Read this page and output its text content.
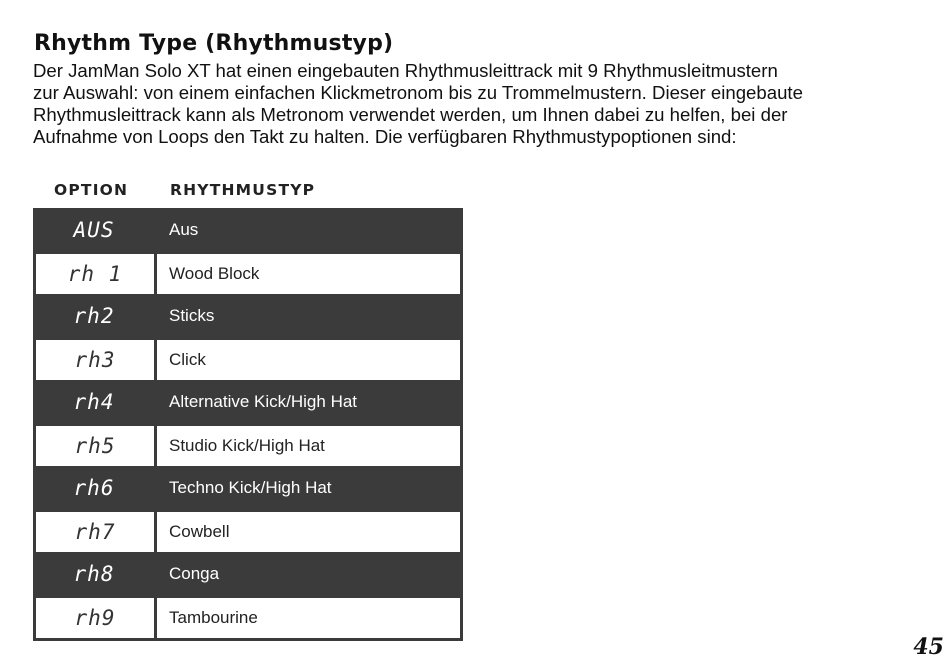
Rhythm Type (Rhythmustyp)

Der JamMan Solo XT hat einen eingebauten Rhythmusleittrack mit 9 Rhythmusleitmustern
zur Auswahl: von einem einfachen Klickmetronom bis zu Trommelmustern. Dieser eingebaute
Rhythmusleittrack kann als Metronom verwendet werden, um Ihnen dabei zu helfen, bei der
Aufnahme von Loops den Takt zu halten. Die verfügbaren Rhythmustypoptionen sind:

OPTION	RHYTHMUSTYP
AUS	Aus
rh 1	Wood Block
rh2	Sticks
rh3	Click
rh4	Alternative Kick/High Hat
rh5	Studio Kick/High Hat
rh6	Techno Kick/High Hat
rh7	Cowbell
rh8	Conga
rh9	Tambourine
45
